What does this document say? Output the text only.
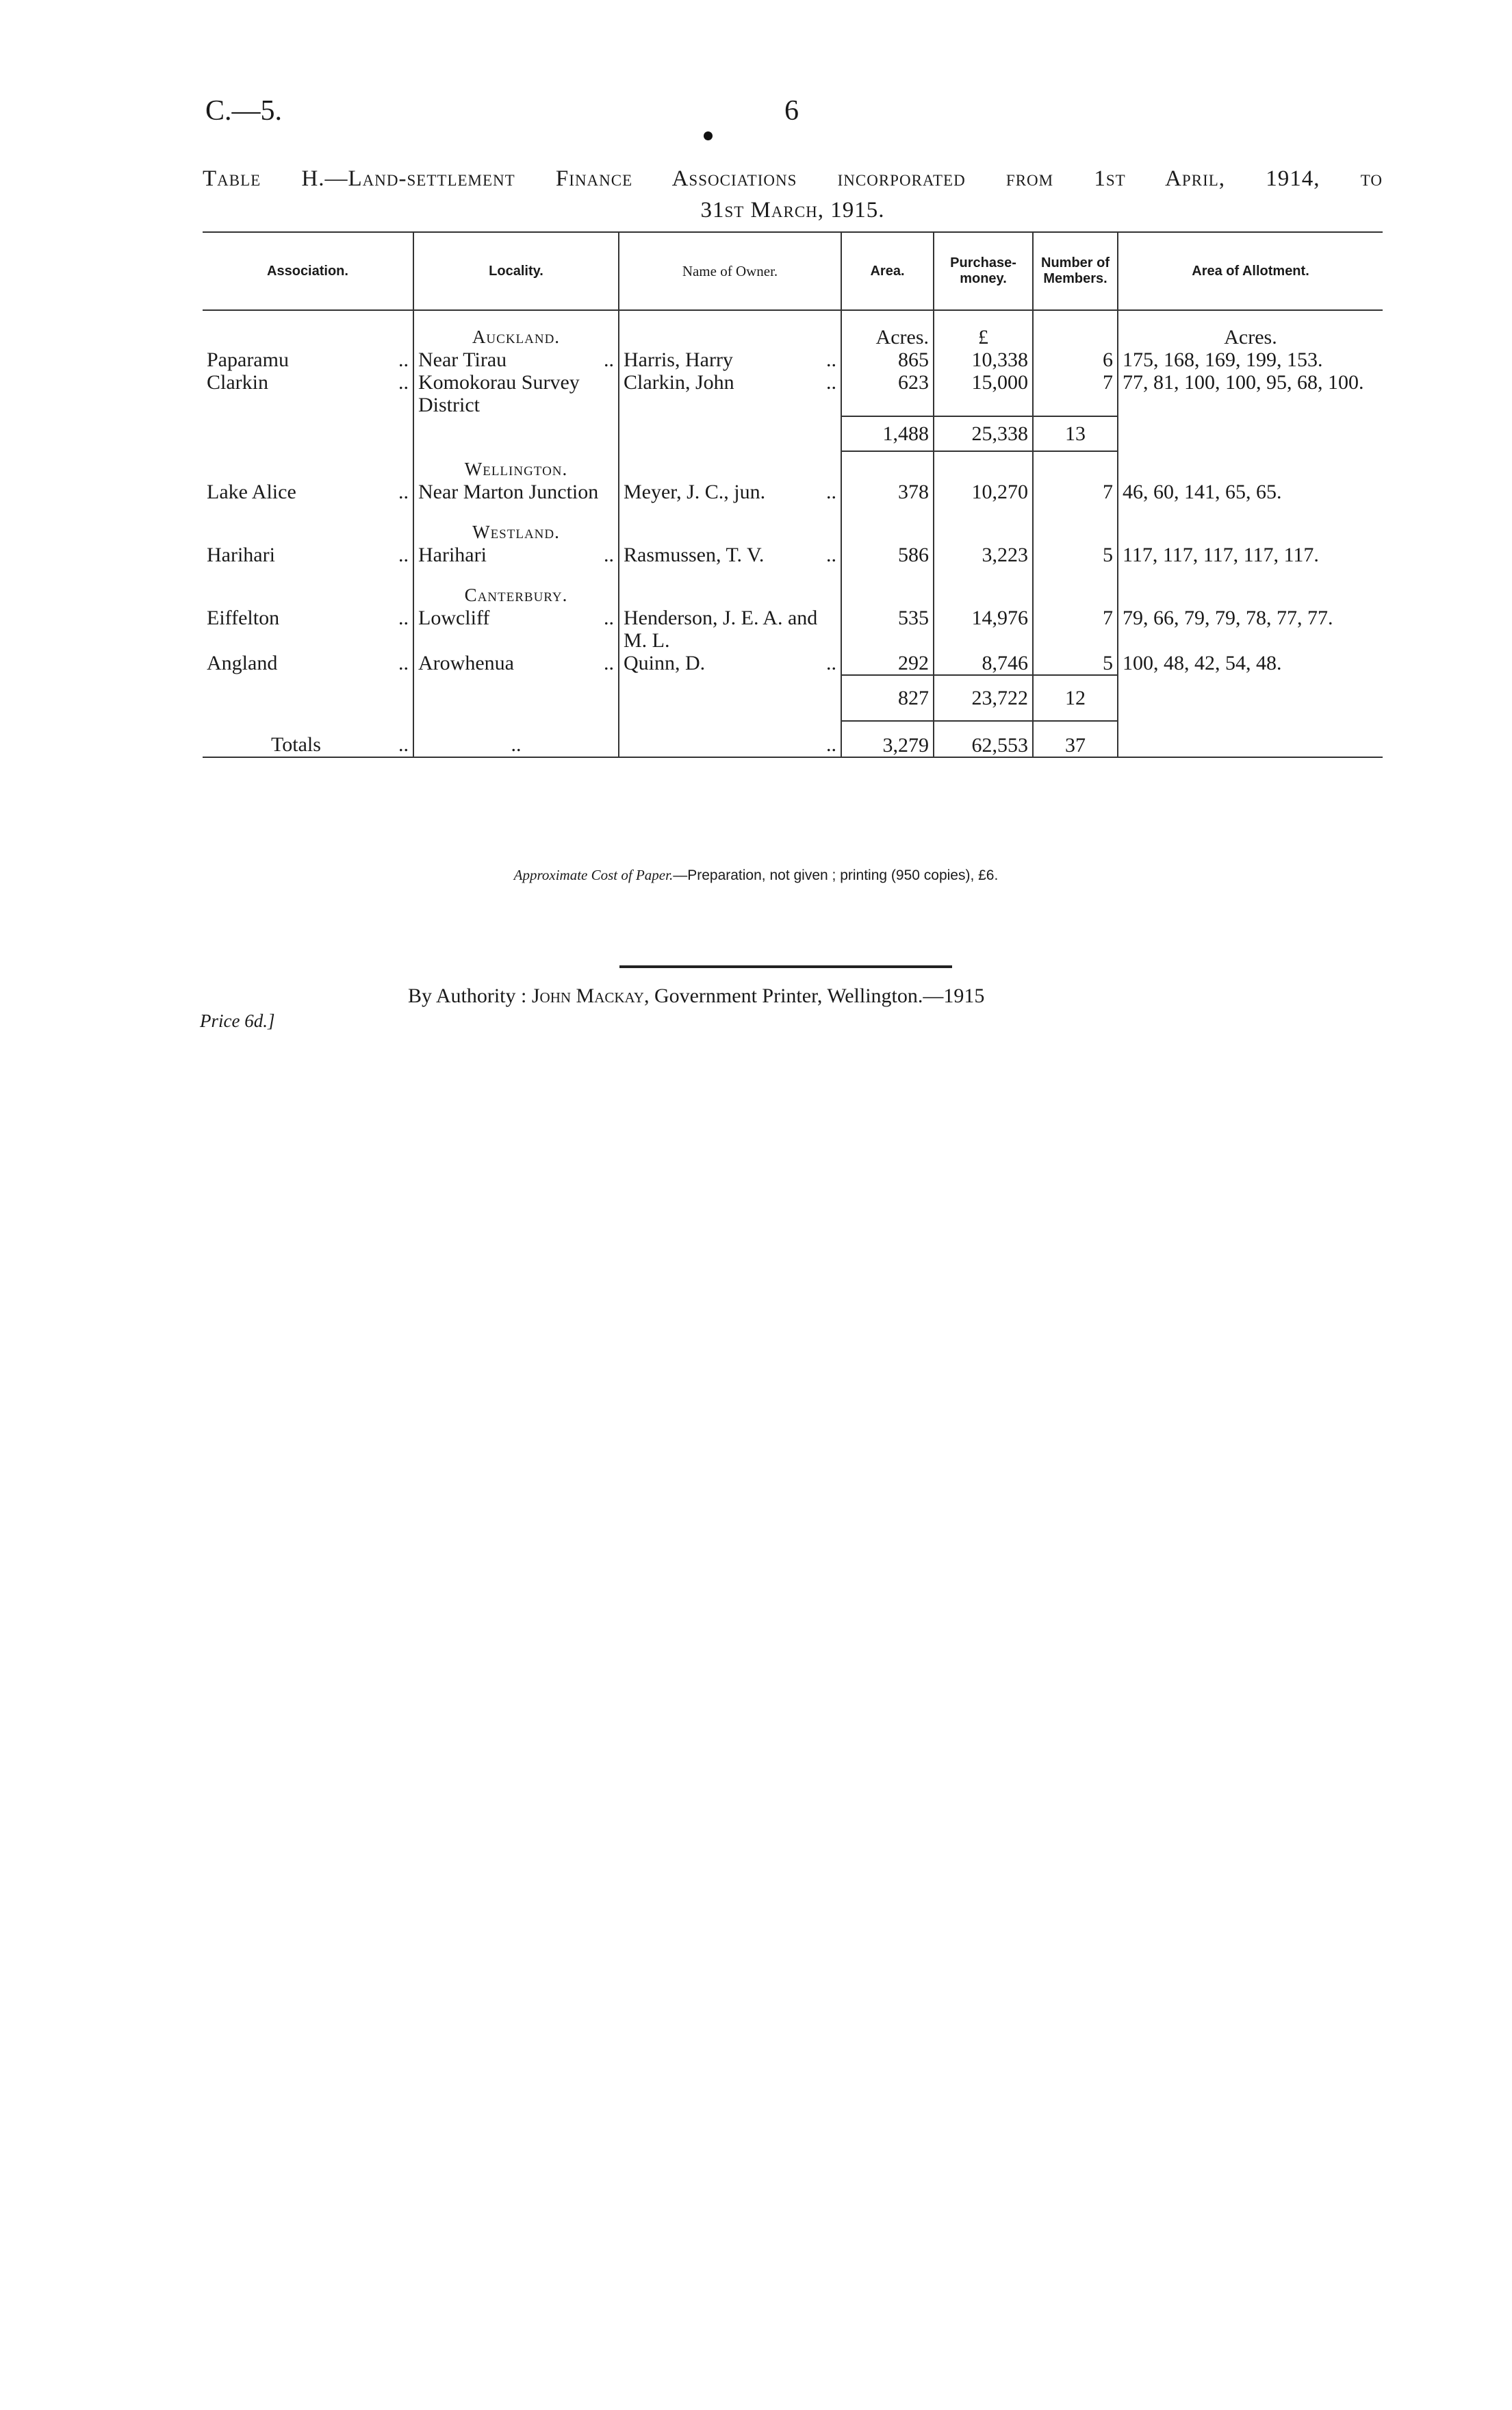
C.—5.	6
Table H.—Land-settlement Finance Associations incorporated from 1st April, 1914, to
31st March, 1915.
Association.	Locality.	Name of Owner.	Area.	Purchase-money.	Number of Members.	Area of Allotment.
	Auckland.		Acres.	£		Acres.
Paparamu ..	Near Tirau ..	Harris, Harry ..	865	10,338	6	175, 168, 169, 199, 153.
Clarkin ..	Komokorau Survey District	Clarkin, John ..	623	15,000	7	77, 81, 100, 100, 95, 68, 100.
			1,488	25,338	13	
	Wellington.					
Lake Alice ..	Near Marton Junction	Meyer, J. C., jun. ..	378	10,270	7	46, 60, 141, 65, 65.
	Westland.					
Harihari ..	Harihari ..	Rasmussen, T. V. ..	586	3,223	5	117, 117, 117, 117, 117.
	Canterbury.					
Eiffelton ..	Lowcliff ..	Henderson, J. E. A. and M. L.	535	14,976	7	79, 66, 79, 79, 78, 77, 77.
Angland ..	Arowhenua ..	Quinn, D. ..	292	8,746	5	100, 48, 42, 54, 48.
			827	23,722	12	
Totals ..	..	..	3,279	62,553	37	
Approximate Cost of Paper.—Preparation, not given ; printing (950 copies), £6.
Price 6d.]
By Authority : John Mackay, Government Printer, Wellington.—1915
